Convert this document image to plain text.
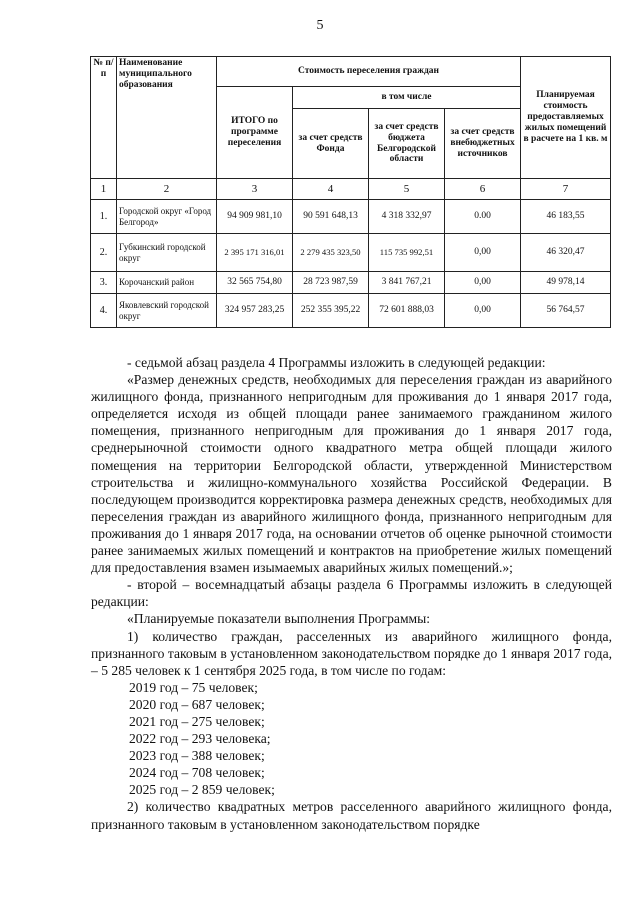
5
№ п/п	Наименование муниципального образования	Стоимость переселения граждан				Планируемая стоимость предоставляемых жилых помещений в расчете на 1 кв. м
		ИТОГО по программе переселения	в том числе			
			за счет средств Фонда	за счет средств бюджета Белгородской области	за счет средств внебюджетных источников	
1	2	3	4	5	6	7
1.	Городской округ «Город Белгород»	94 909 981,10	90 591 648,13	4 318 332,97	0.00	46 183,55
2.	Губкинский городской округ	2 395 171 316,01	2 279 435 323,50	115 735 992,51	0,00	46 320,47
3.	Корочанский район	32 565 754,80	28 723 987,59	3 841 767,21	0,00	49 978,14
4.	Яковлевский городской округ	324 957 283,25	252 355 395,22	72 601 888,03	0,00	56 764,57

- седьмой абзац раздела 4 Программы изложить в следующей редакции:

«Размер денежных средств, необходимых для переселения граждан из аварийного жилищного фонда, признанного непригодным для проживания до 1 января 2017 года, определяется исходя из общей площади ранее занимаемого гражданином жилого помещения, признанного непригодным для проживания до 1 января 2017 года, среднерыночной стоимости одного квадратного метра общей площади жилого помещения на территории Белгородской области, утвержденной Министерством строительства и жилищно-коммунального хозяйства Российской Федерации. В последующем производится корректировка размера денежных средств, необходимых для переселения граждан из аварийного жилищного фонда, признанного непригодным для проживания до 1 января 2017 года, на основании отчетов об оценке рыночной стоимости ранее занимаемых жилых помещений и контрактов на приобретение жилых помещений для предоставления взамен изымаемых аварийных жилых помещений.»;

- второй – восемнадцатый абзацы раздела 6 Программы изложить в следующей редакции:

«Планируемые показатели выполнения Программы:

1) количество граждан, расселенных из аварийного жилищного фонда, признанного таковым в установленном законодательством порядке до 1 января 2017 года, – 5 285 человек к 1 сентября 2025 года, в том числе по годам:

2019 год – 75 человек;

2020 год – 687 человек;

2021 год – 275 человек;

2022 год – 293 человека;

2023 год – 388 человек;

2024 год – 708 человек;

2025 год – 2 859 человек;

2) количество квадратных метров расселенного аварийного жилищного фонда, признанного таковым в установленном законодательством порядке
